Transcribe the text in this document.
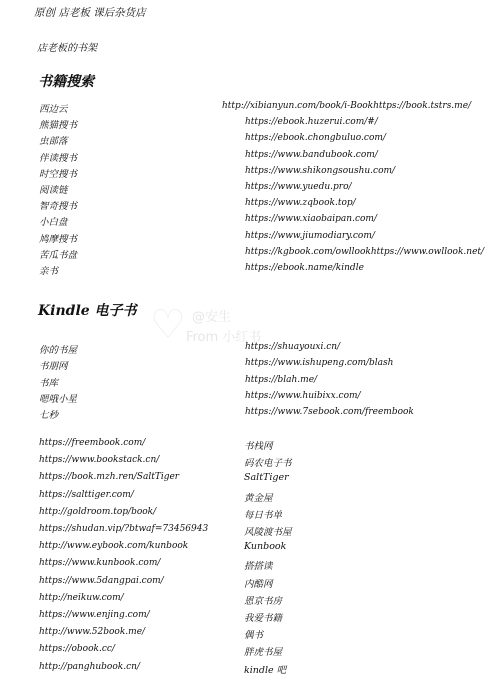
原创 店老板 课后杂货店
店老板的书架
书籍搜索
西边云	http://xibianyun.com/book/i-Bookhttps://book.tstrs.me/
熊猫搜书	https://ebook.huzerui.com/#/
虫部落	https://ebook.chongbuluo.com/
伴读搜书	https://www.bandubook.com/
时空搜书	https://www.shikongsoushu.com/
阅读链	https://www.yuedu.pro/
智奇搜书	https://www.zqbook.top/
小白盘	https://www.xiaobaipan.com/
鸠摩搜书	https://www.jiumodiary.com/
苦瓜书盘	https://kgbook.com/owllookhttps://www.owllook.net/
亲书	https://ebook.name/kindle
Kindle 电子书
你的书屋	https://shuayouxi.cn/
书朋网	https://www.ishupeng.com/blash
书库	https://blah.me/
嗯哦小星	https://www.huibixx.com/
七秒	https://www.7sebook.com/freembook
https://freembook.com/	书栈网
https://www.bookstack.cn/	码农电子书
https://book.mzh.ren/SaltTiger	SaltTiger
https://salttiger.com/	黄金屋
http://goldroom.top/book/	每日书单
https://shudan.vip/?btwaf=73456943	风陵渡书屋
http://www.eybook.com/kunbook	Kunbook
https://www.kunbook.com/	搭搭读
https://www.5dangpai.com/	内酷网
http://neikuw.com/	恩京书房
https://www.enjing.com/	我爱书籍
http://www.52book.me/	偶书
https://obook.cc/	胖虎书屋
http://panghubook.cn/	kindle 吧
♡ @安生
From 小红书
